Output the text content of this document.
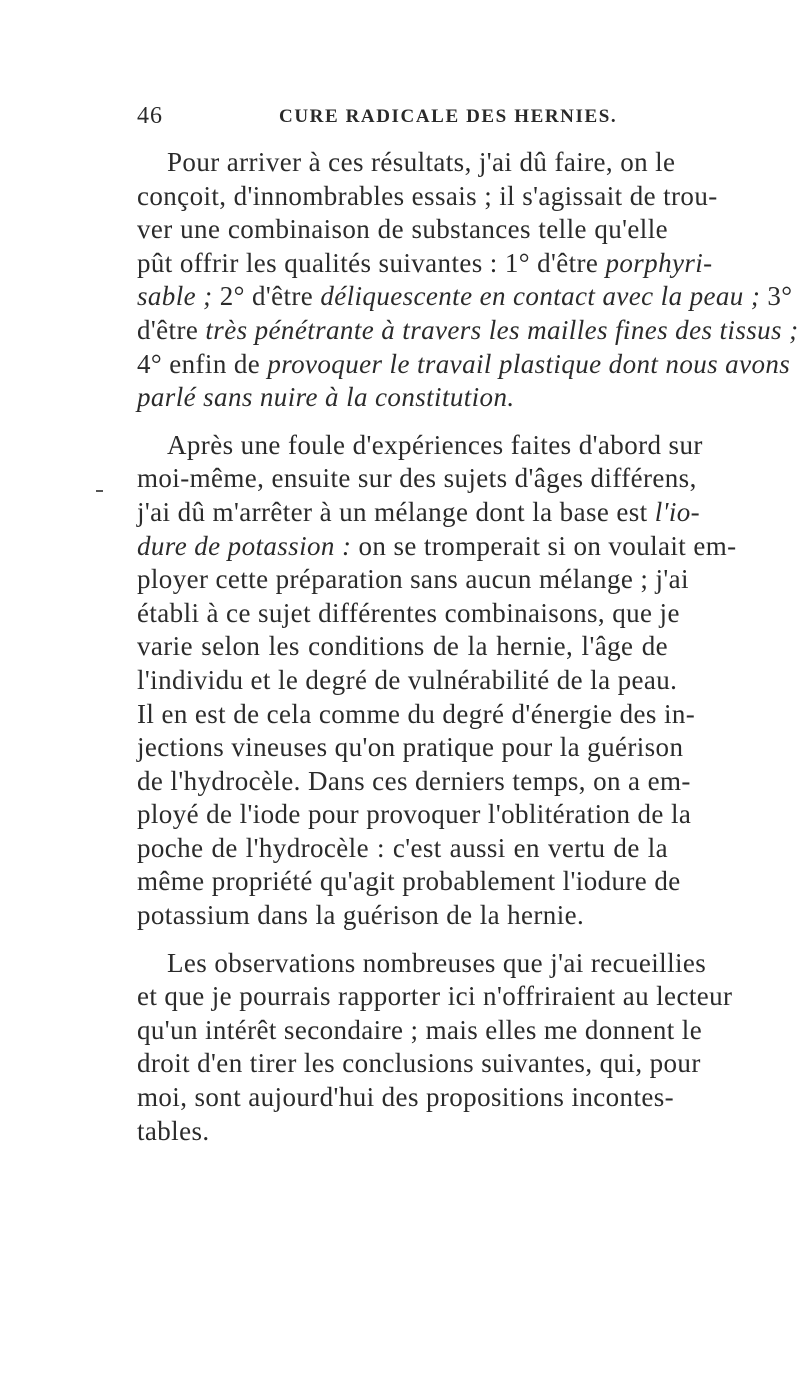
46	CURE RADICALE DES HERNIES.

Pour arriver à ces résultats, j'ai dû faire, on le
conçoit, d'innombrables essais ; il s'agissait de trou-
ver une combinaison de substances telle qu'elle
pût offrir les qualités suivantes : 1° d'être porphyri-
sable ; 2° d'être déliquescente en contact avec la peau ; 3°
d'être très pénétrante à travers les mailles fines des tissus ;
4° enfin de provoquer le travail plastique dont nous avons
parlé sans nuire à la constitution.

Après une foule d'expériences faites d'abord sur
moi-même, ensuite sur des sujets d'âges différens,
j'ai dû m'arrêter à un mélange dont la base est l'io-
dure de potassion : on se tromperait si on voulait em-
ployer cette préparation sans aucun mélange ; j'ai
établi à ce sujet différentes combinaisons, que je
varie selon les conditions de la hernie, l'âge de
l'individu et le degré de vulnérabilité de la peau.
Il en est de cela comme du degré d'énergie des in-
jections vineuses qu'on pratique pour la guérison
de l'hydrocèle. Dans ces derniers temps, on a em-
ployé de l'iode pour provoquer l'oblitération de la
poche de l'hydrocèle : c'est aussi en vertu de la
même propriété qu'agit probablement l'iodure de
potassium dans la guérison de la hernie.

Les observations nombreuses que j'ai recueillies
et que je pourrais rapporter ici n'offriraient au lecteur
qu'un intérêt secondaire ; mais elles me donnent le
droit d'en tirer les conclusions suivantes, qui, pour
moi, sont aujourd'hui des propositions incontes-
tables.
